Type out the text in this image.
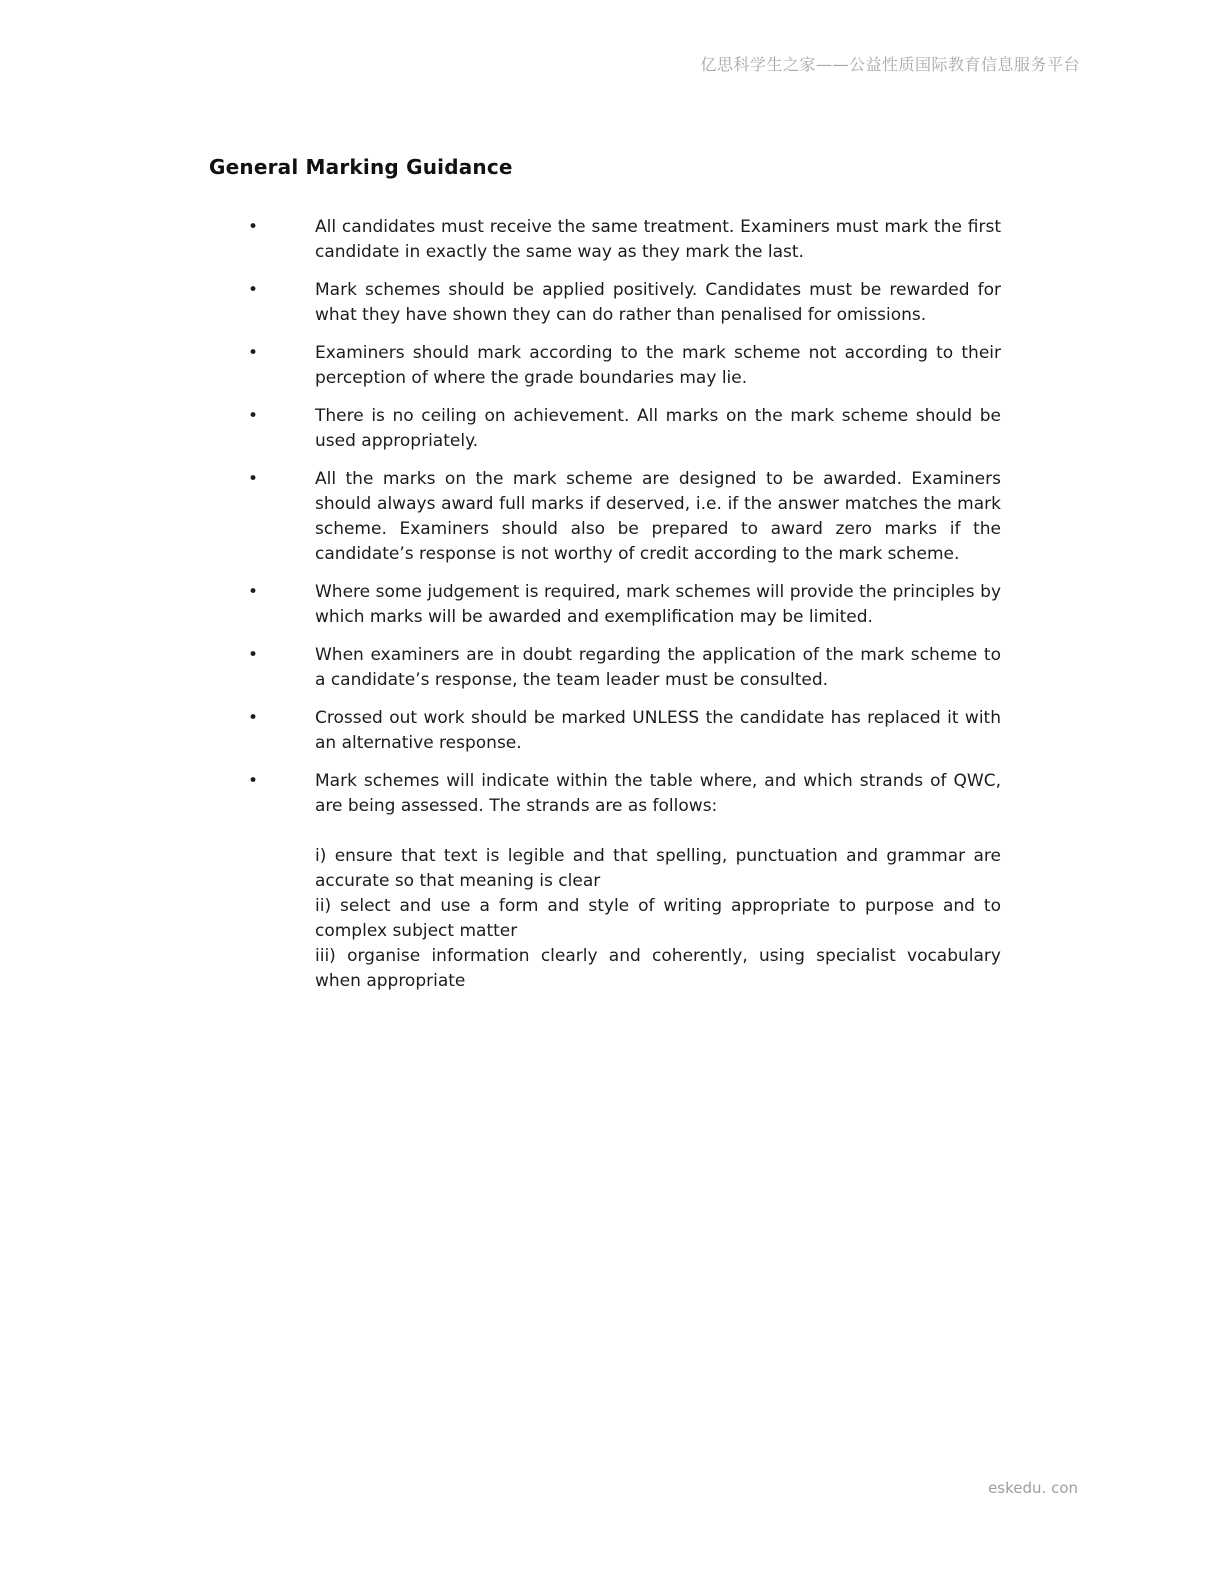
亿思科学生之家——公益性质国际教育信息服务平台
General Marking Guidance
•	All candidates must receive the same treatment. Examiners must mark the first candidate in exactly the same way as they mark the last.
•	Mark schemes should be applied positively. Candidates must be rewarded for what they have shown they can do rather than penalised for omissions.
•	Examiners should mark according to the mark scheme not according to their perception of where the grade boundaries may lie.
•	There is no ceiling on achievement. All marks on the mark scheme should be used appropriately.
•	All the marks on the mark scheme are designed to be awarded. Examiners should always award full marks if deserved, i.e. if the answer matches the mark scheme. Examiners should also be prepared to award zero marks if the candidate’s response is not worthy of credit according to the mark scheme.
•	Where some judgement is required, mark schemes will provide the principles by which marks will be awarded and exemplification may be limited.
•	When examiners are in doubt regarding the application of the mark scheme to a candidate’s response, the team leader must be consulted.
•	Crossed out work should be marked UNLESS the candidate has replaced it with an alternative response.
•	Mark schemes will indicate within the table where, and which strands of QWC, are being assessed. The strands are as follows:

i) ensure that text is legible and that spelling, punctuation and grammar are accurate so that meaning is clear

ii) select and use a form and style of writing appropriate to purpose and to complex subject matter

iii) organise information clearly and coherently, using specialist vocabulary when appropriate

eskedu. con
